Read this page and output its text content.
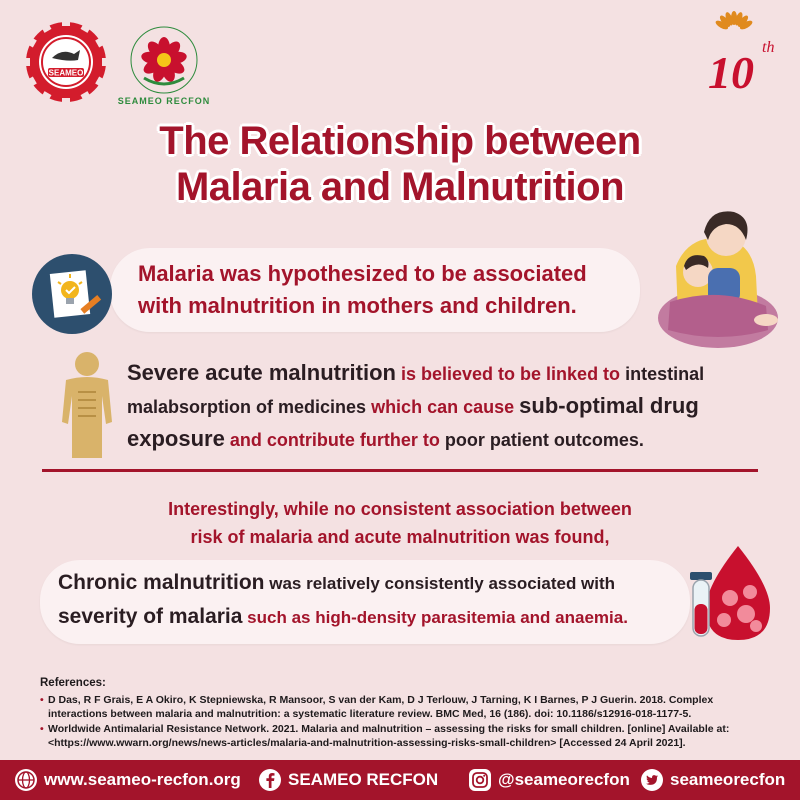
SEAMEO
SEAMEO RECFON
10 th
The Relationship between
Malaria and Malnutrition
Malaria was hypothesized to be associated
with malnutrition in mothers and children.
Severe acute malnutrition is believed to be linked to intestinal malabsorption of medicines which can cause sub-optimal drug exposure and contribute further to poor patient outcomes.
Interestingly, while no consistent association between
risk of malaria and acute malnutrition was found,
Chronic malnutrition was relatively consistently associated with severity of malaria such as high-density parasitemia and anaemia.
References:
• D Das, R F Grais, E A Okiro, K Stepniewska, R Mansoor, S van der Kam, D J Terlouw, J Tarning, K I Barnes, P J Guerin. 2018. Complex interactions between malaria and malnutrition: a systematic literature review. BMC Med, 16 (186). doi: 10.1186/s12916-018-1177-5.
• Worldwide Antimalarial Resistance Network. 2021. Malaria and malnutrition – assessing the risks for small children. [online] Available at: <https://www.wwarn.org/news/news-articles/malaria-and-malnutrition-assessing-risks-small-children> [Accessed 24 April 2021].
www.seameo-recfon.org	SEAMEO RECFON	@seameorecfon seameorecfon
